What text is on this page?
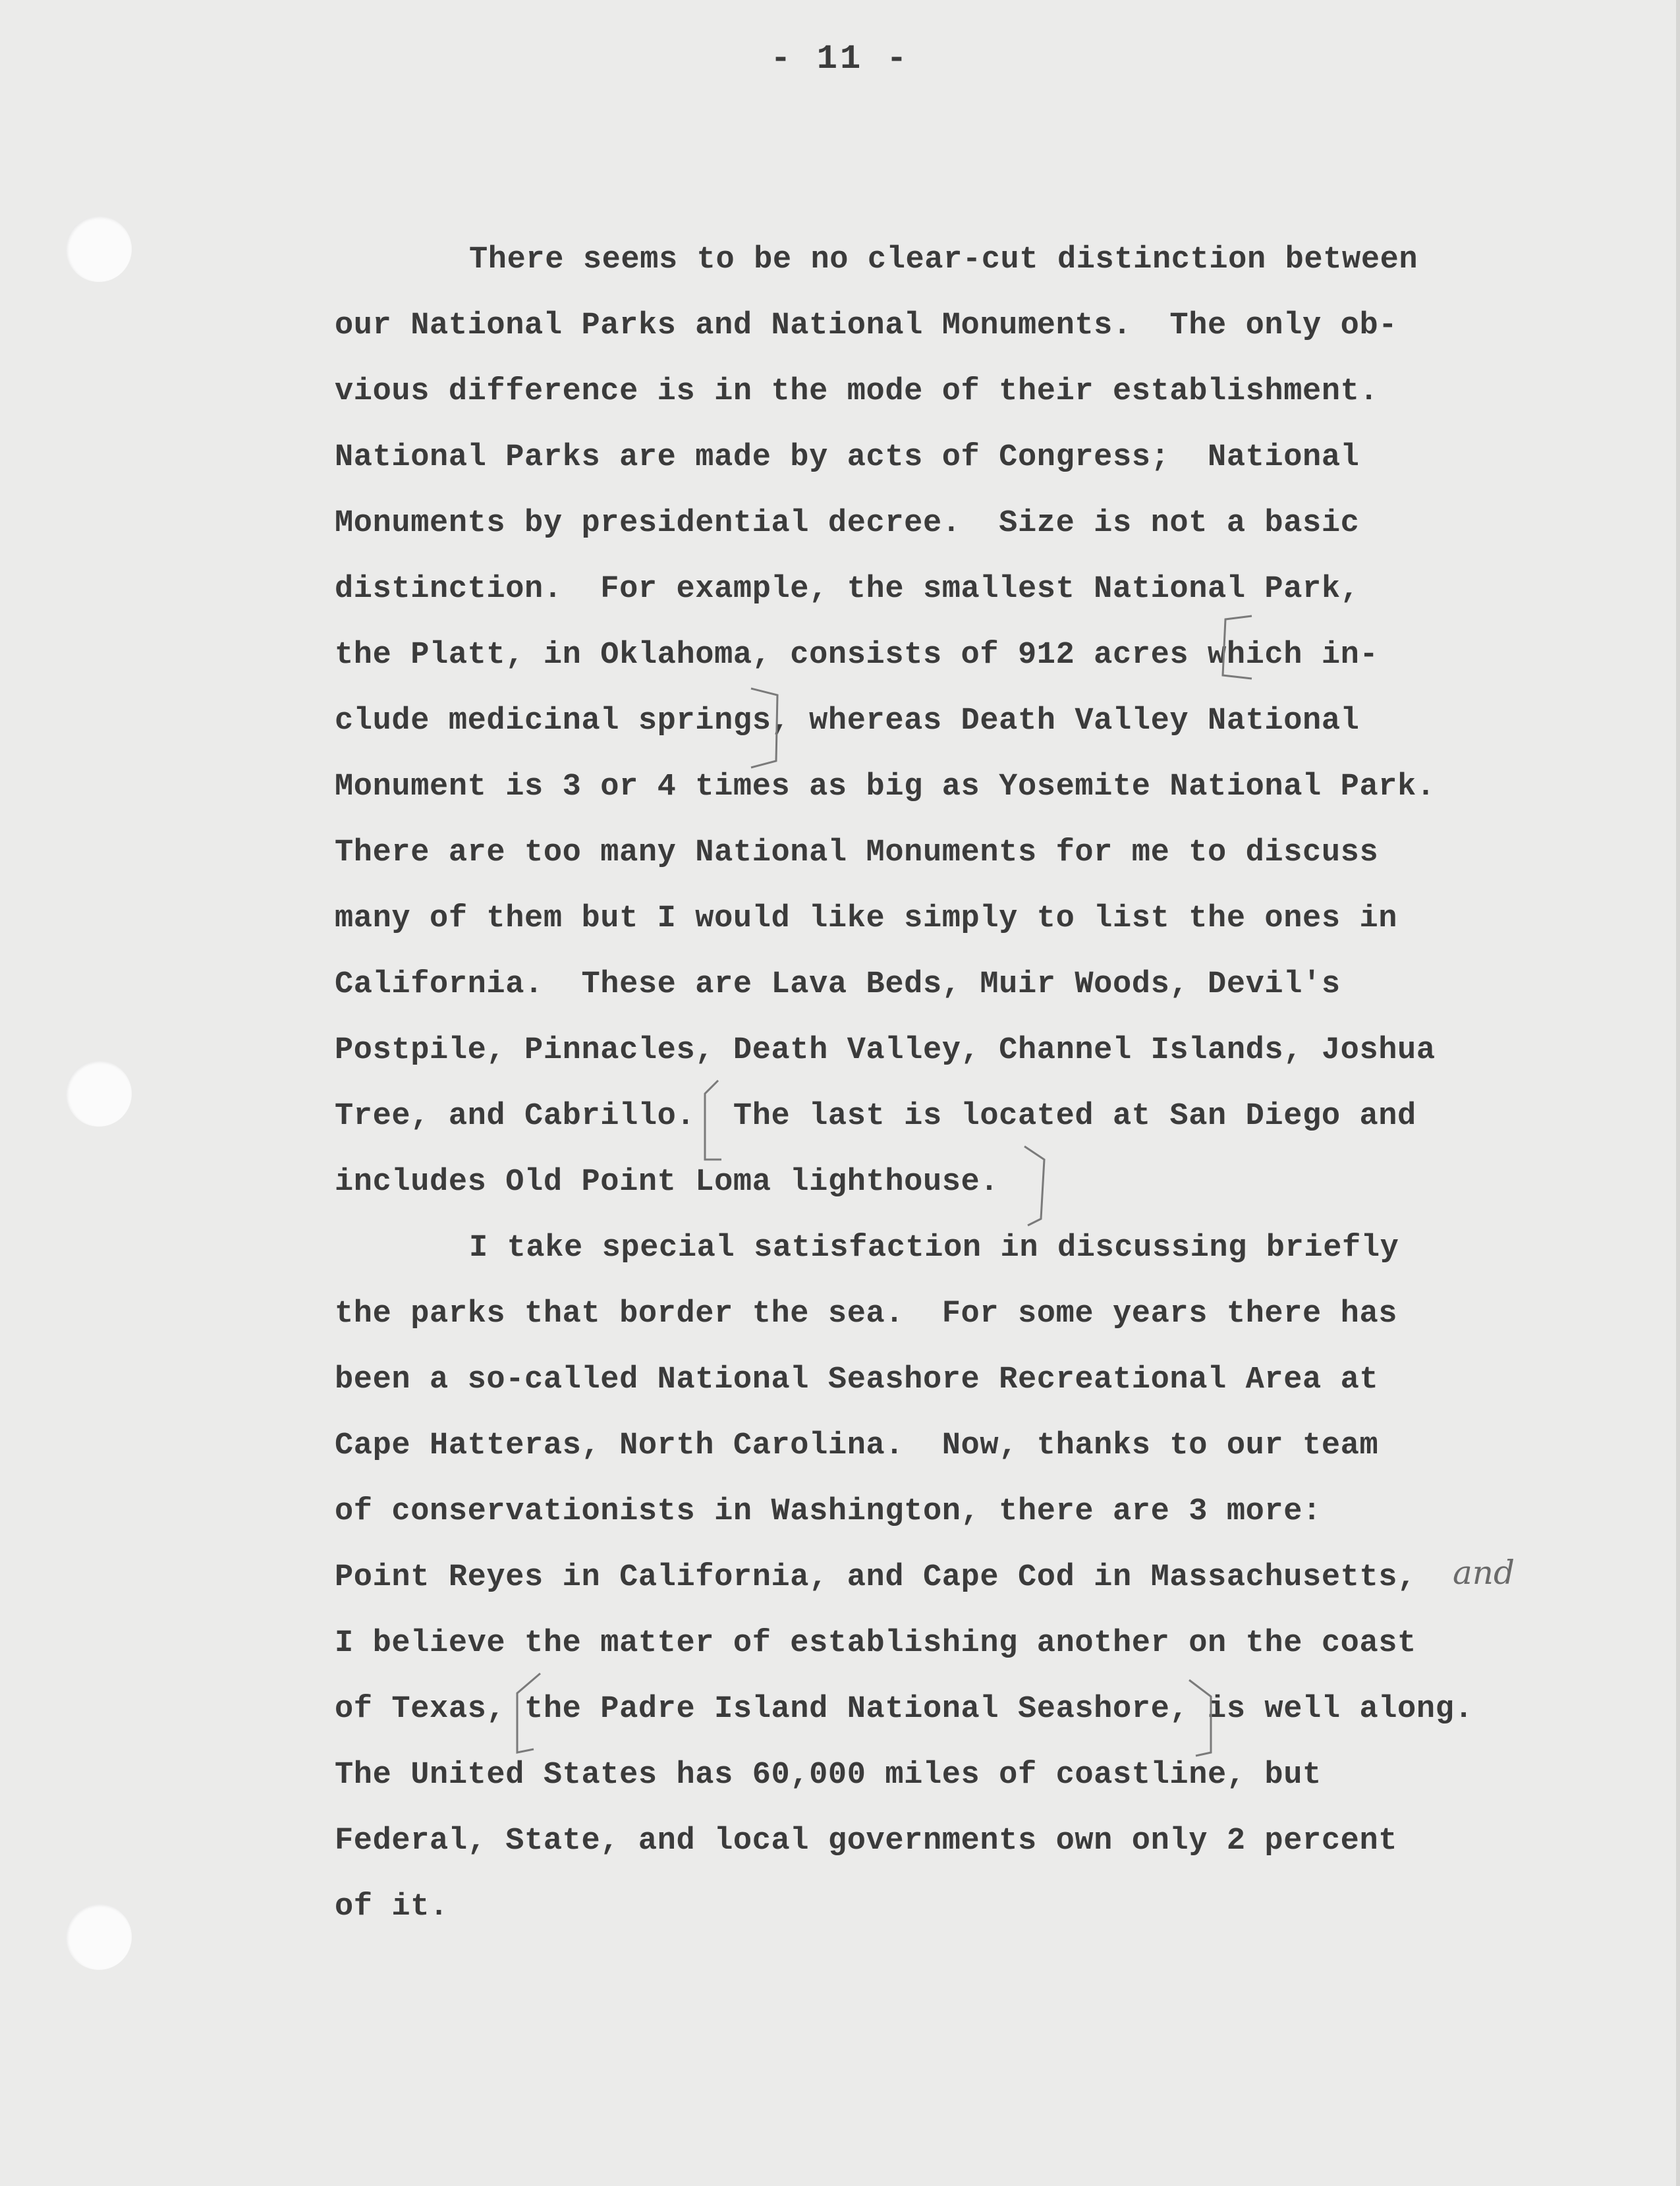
- 11 -
There seems to be no clear-cut distinction between
our National Parks and National Monuments.  The only ob-
vious difference is in the mode of their establishment.
National Parks are made by acts of Congress;  National
Monuments by presidential decree.  Size is not a basic
distinction.  For example, the smallest National Park,
the Platt, in Oklahoma, consists of 912 acres which in-
clude medicinal springs, whereas Death Valley National
Monument is 3 or 4 times as big as Yosemite National Park.
There are too many National Monuments for me to discuss
many of them but I would like simply to list the ones in
California.  These are Lava Beds, Muir Woods, Devil's
Postpile, Pinnacles, Death Valley, Channel Islands, Joshua
Tree, and Cabrillo.  The last is located at San Diego and
includes Old Point Loma lighthouse.
I take special satisfaction in discussing briefly
the parks that border the sea.  For some years there has
been a so-called National Seashore Recreational Area at
Cape Hatteras, North Carolina.  Now, thanks to our team
of conservationists in Washington, there are 3 more:
Point Reyes in California, and Cape Cod in Massachusetts,
I believe the matter of establishing another on the coast
of Texas, the Padre Island National Seashore, is well along.
The United States has 60,000 miles of coastline, but
Federal, State, and local governments own only 2 percent
of it.
and
